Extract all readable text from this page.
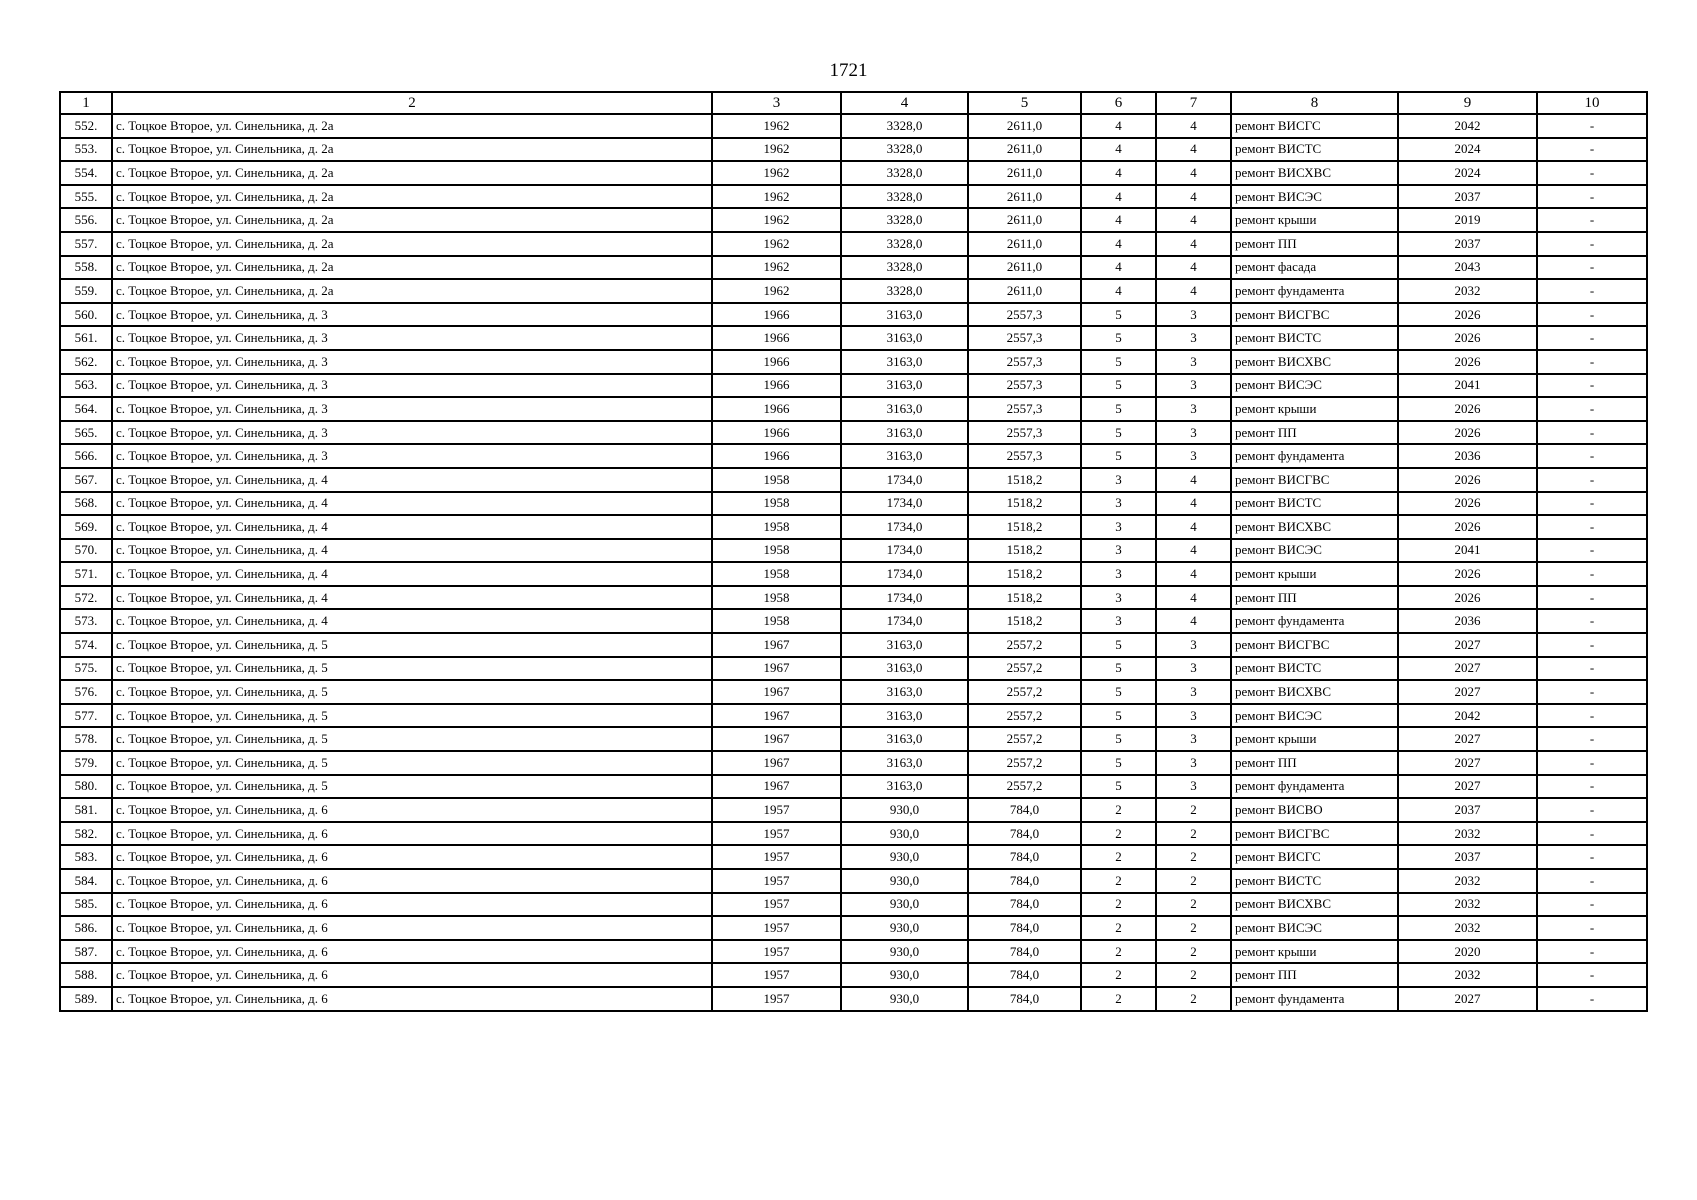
1721
1	2	3	4	5	6	7	8	9	10
552.	с. Тоцкое Второе, ул. Синельника, д. 2а	1962	3328,0	2611,0	4	4	ремонт ВИСГС	2042	-
553.	с. Тоцкое Второе, ул. Синельника, д. 2а	1962	3328,0	2611,0	4	4	ремонт ВИСТС	2024	-
554.	с. Тоцкое Второе, ул. Синельника, д. 2а	1962	3328,0	2611,0	4	4	ремонт ВИСХВС	2024	-
555.	с. Тоцкое Второе, ул. Синельника, д. 2а	1962	3328,0	2611,0	4	4	ремонт ВИСЭС	2037	-
556.	с. Тоцкое Второе, ул. Синельника, д. 2а	1962	3328,0	2611,0	4	4	ремонт крыши	2019	-
557.	с. Тоцкое Второе, ул. Синельника, д. 2а	1962	3328,0	2611,0	4	4	ремонт ПП	2037	-
558.	с. Тоцкое Второе, ул. Синельника, д. 2а	1962	3328,0	2611,0	4	4	ремонт фасада	2043	-
559.	с. Тоцкое Второе, ул. Синельника, д. 2а	1962	3328,0	2611,0	4	4	ремонт фундамента	2032	-
560.	с. Тоцкое Второе, ул. Синельника, д. 3	1966	3163,0	2557,3	5	3	ремонт ВИСГВС	2026	-
561.	с. Тоцкое Второе, ул. Синельника, д. 3	1966	3163,0	2557,3	5	3	ремонт ВИСТС	2026	-
562.	с. Тоцкое Второе, ул. Синельника, д. 3	1966	3163,0	2557,3	5	3	ремонт ВИСХВС	2026	-
563.	с. Тоцкое Второе, ул. Синельника, д. 3	1966	3163,0	2557,3	5	3	ремонт ВИСЭС	2041	-
564.	с. Тоцкое Второе, ул. Синельника, д. 3	1966	3163,0	2557,3	5	3	ремонт крыши	2026	-
565.	с. Тоцкое Второе, ул. Синельника, д. 3	1966	3163,0	2557,3	5	3	ремонт ПП	2026	-
566.	с. Тоцкое Второе, ул. Синельника, д. 3	1966	3163,0	2557,3	5	3	ремонт фундамента	2036	-
567.	с. Тоцкое Второе, ул. Синельника, д. 4	1958	1734,0	1518,2	3	4	ремонт ВИСГВС	2026	-
568.	с. Тоцкое Второе, ул. Синельника, д. 4	1958	1734,0	1518,2	3	4	ремонт ВИСТС	2026	-
569.	с. Тоцкое Второе, ул. Синельника, д. 4	1958	1734,0	1518,2	3	4	ремонт ВИСХВС	2026	-
570.	с. Тоцкое Второе, ул. Синельника, д. 4	1958	1734,0	1518,2	3	4	ремонт ВИСЭС	2041	-
571.	с. Тоцкое Второе, ул. Синельника, д. 4	1958	1734,0	1518,2	3	4	ремонт крыши	2026	-
572.	с. Тоцкое Второе, ул. Синельника, д. 4	1958	1734,0	1518,2	3	4	ремонт ПП	2026	-
573.	с. Тоцкое Второе, ул. Синельника, д. 4	1958	1734,0	1518,2	3	4	ремонт фундамента	2036	-
574.	с. Тоцкое Второе, ул. Синельника, д. 5	1967	3163,0	2557,2	5	3	ремонт ВИСГВС	2027	-
575.	с. Тоцкое Второе, ул. Синельника, д. 5	1967	3163,0	2557,2	5	3	ремонт ВИСТС	2027	-
576.	с. Тоцкое Второе, ул. Синельника, д. 5	1967	3163,0	2557,2	5	3	ремонт ВИСХВС	2027	-
577.	с. Тоцкое Второе, ул. Синельника, д. 5	1967	3163,0	2557,2	5	3	ремонт ВИСЭС	2042	-
578.	с. Тоцкое Второе, ул. Синельника, д. 5	1967	3163,0	2557,2	5	3	ремонт крыши	2027	-
579.	с. Тоцкое Второе, ул. Синельника, д. 5	1967	3163,0	2557,2	5	3	ремонт ПП	2027	-
580.	с. Тоцкое Второе, ул. Синельника, д. 5	1967	3163,0	2557,2	5	3	ремонт фундамента	2027	-
581.	с. Тоцкое Второе, ул. Синельника, д. 6	1957	930,0	784,0	2	2	ремонт ВИСВО	2037	-
582.	с. Тоцкое Второе, ул. Синельника, д. 6	1957	930,0	784,0	2	2	ремонт ВИСГВС	2032	-
583.	с. Тоцкое Второе, ул. Синельника, д. 6	1957	930,0	784,0	2	2	ремонт ВИСГС	2037	-
584.	с. Тоцкое Второе, ул. Синельника, д. 6	1957	930,0	784,0	2	2	ремонт ВИСТС	2032	-
585.	с. Тоцкое Второе, ул. Синельника, д. 6	1957	930,0	784,0	2	2	ремонт ВИСХВС	2032	-
586.	с. Тоцкое Второе, ул. Синельника, д. 6	1957	930,0	784,0	2	2	ремонт ВИСЭС	2032	-
587.	с. Тоцкое Второе, ул. Синельника, д. 6	1957	930,0	784,0	2	2	ремонт крыши	2020	-
588.	с. Тоцкое Второе, ул. Синельника, д. 6	1957	930,0	784,0	2	2	ремонт ПП	2032	-
589.	с. Тоцкое Второе, ул. Синельника, д. 6	1957	930,0	784,0	2	2	ремонт фундамента	2027	-
